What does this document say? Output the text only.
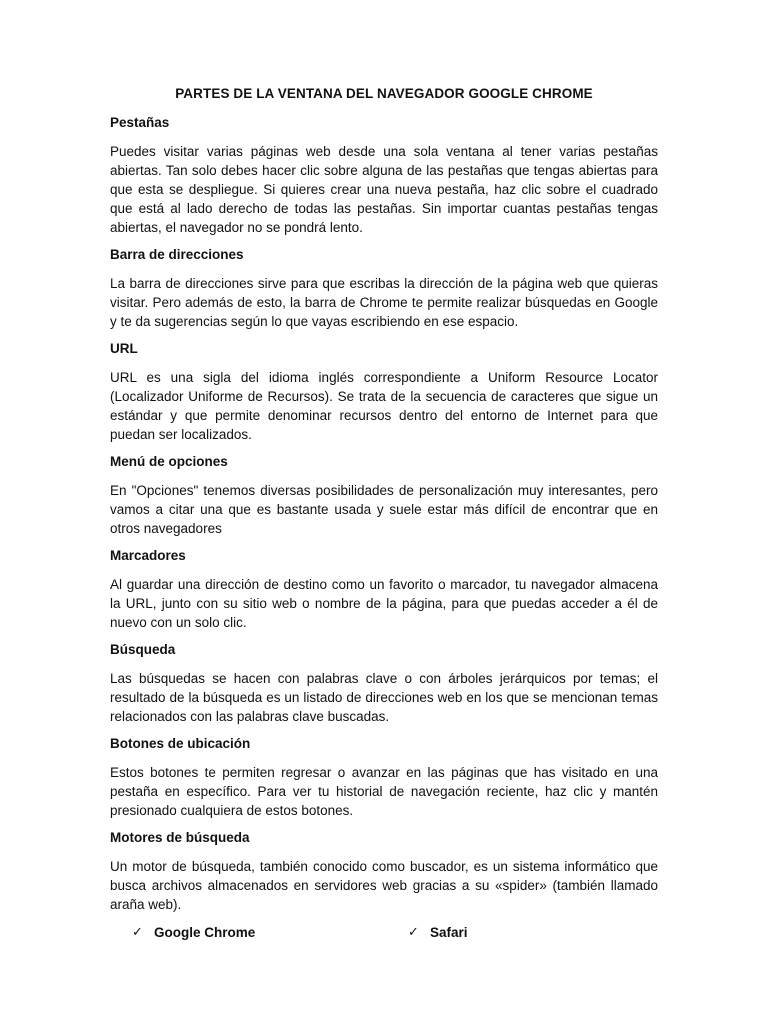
PARTES DE LA VENTANA DEL NAVEGADOR GOOGLE CHROME
Pestañas

Puedes visitar varias páginas web desde una sola ventana al tener varias pestañas abiertas. Tan solo debes hacer clic sobre alguna de las pestañas que tengas abiertas para que esta se despliegue. Si quieres crear una nueva pestaña, haz clic sobre el cuadrado que está al lado derecho de todas las pestañas. Sin importar cuantas pestañas tengas abiertas, el navegador no se pondrá lento.

Barra de direcciones

La barra de direcciones sirve para que escribas la dirección de la página web que quieras visitar. Pero además de esto, la barra de Chrome te permite realizar búsquedas en Google y te da sugerencias según lo que vayas escribiendo en ese espacio.

URL

URL es una sigla del idioma inglés correspondiente a Uniform Resource Locator (Localizador Uniforme de Recursos). Se trata de la secuencia de caracteres que sigue un estándar y que permite denominar recursos dentro del entorno de Internet para que puedan ser localizados.

Menú de opciones

En "Opciones" tenemos diversas posibilidades de personalización muy interesantes, pero vamos a citar una que es bastante usada y suele estar más difícil de encontrar que en otros navegadores

Marcadores

Al guardar una dirección de destino como un favorito o marcador, tu navegador almacena la URL, junto con su sitio web o nombre de la página, para que puedas acceder a él de nuevo con un solo clic.

Búsqueda

Las búsquedas se hacen con palabras clave o con árboles jerárquicos por temas; el resultado de la búsqueda es un listado de direcciones web en los que se mencionan temas relacionados con las palabras clave buscadas.

Botones de ubicación

Estos botones te permiten regresar o avanzar en las páginas que has visitado en una pestaña en específico. Para ver tu historial de navegación reciente, haz clic y mantén presionado cualquiera de estos botones.

Motores de búsqueda

Un motor de búsqueda, también conocido como buscador, es un sistema informático que busca archivos almacenados en servidores web gracias a su «spider» (también llamado araña web).

✓ Google Chrome	✓ Safari
